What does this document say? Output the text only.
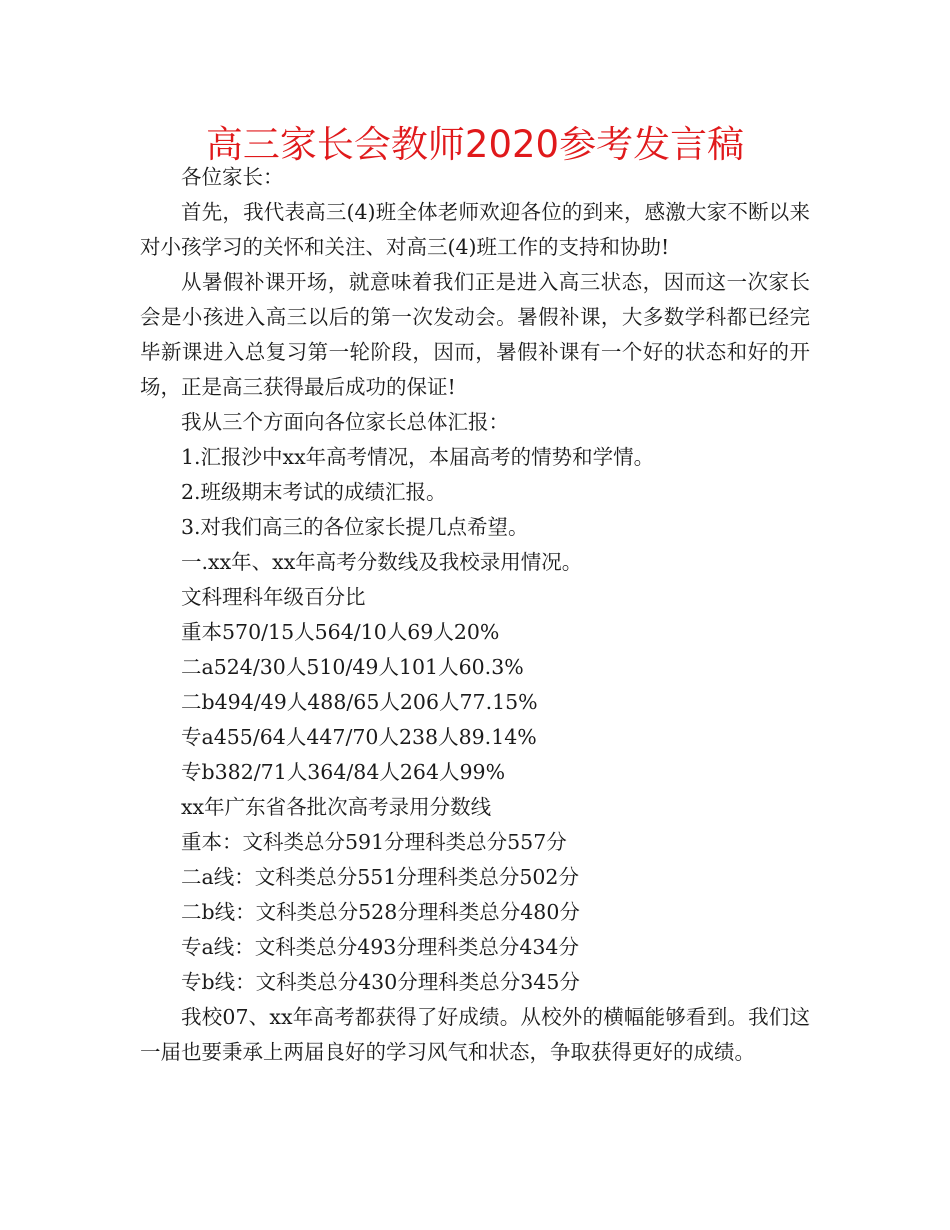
高三家长会教师2020参考发言稿

各位家长：

首先，我代表高三(4)班全体老师欢迎各位的到来，感激大家不断以来对小孩学习的关怀和关注、对高三(4)班工作的支持和协助!

从暑假补课开场，就意味着我们正是进入高三状态，因而这一次家长会是小孩进入高三以后的第一次发动会。暑假补课，大多数学科都已经完毕新课进入总复习第一轮阶段，因而，暑假补课有一个好的状态和好的开场，正是高三获得最后成功的保证!

我从三个方面向各位家长总体汇报：

1.汇报沙中xx年高考情况，本届高考的情势和学情。

2.班级期末考试的成绩汇报。

3.对我们高三的各位家长提几点希望。

一.xx年、xx年高考分数线及我校录用情况。

文科理科年级百分比

重本570/15人564/10人69人20%

二a524/30人510/49人101人60.3%

二b494/49人488/65人206人77.15%

专a455/64人447/70人238人89.14%

专b382/71人364/84人264人99%

xx年广东省各批次高考录用分数线

重本：文科类总分591分理科类总分557分

二a线：文科类总分551分理科类总分502分

二b线：文科类总分528分理科类总分480分

专a线：文科类总分493分理科类总分434分

专b线：文科类总分430分理科类总分345分

我校07、xx年高考都获得了好成绩。从校外的横幅能够看到。我们这一届也要秉承上两届良好的学习风气和状态，争取获得更好的成绩。
